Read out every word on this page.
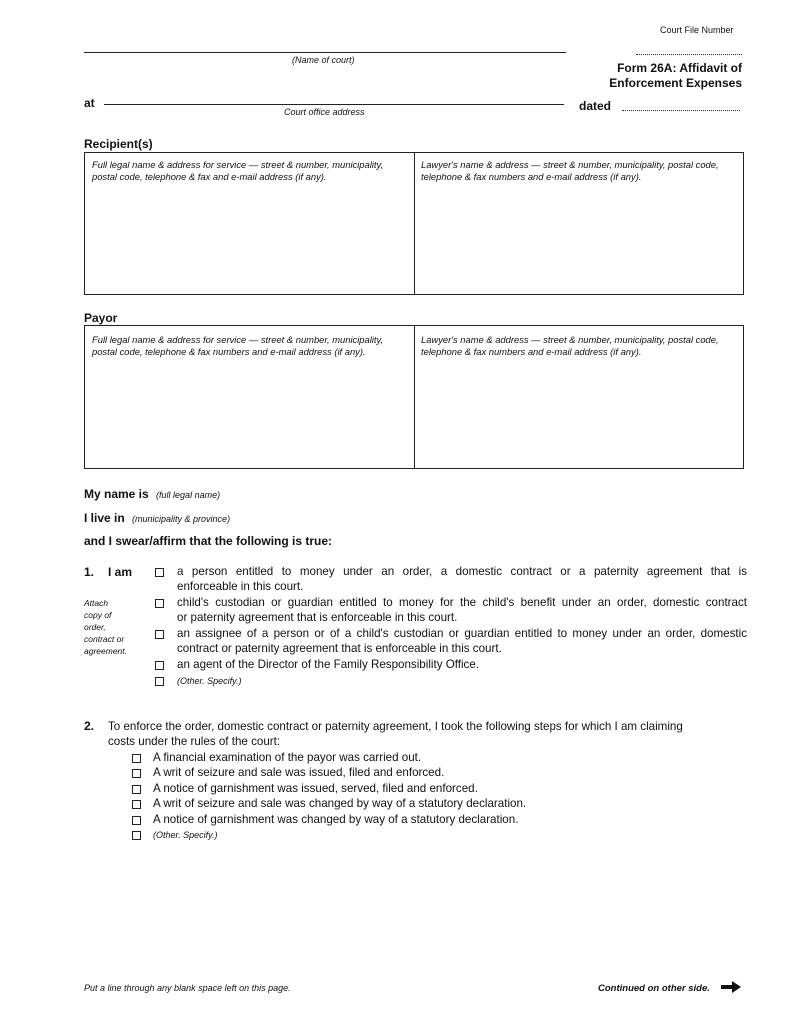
Court File Number
(Name of court)
Form 26A: Affidavit of
Enforcement Expenses
at
Court office address	dated
Recipient(s)
Full legal name & address for service — street & number, municipality, postal code, telephone & fax and e-mail address (if any).
Lawyer's name & address — street & number, municipality, postal code, telephone & fax numbers and e-mail address (if any).
Payor
Full legal name & address for service — street & number, municipality, postal code, telephone & fax numbers and e-mail address (if any).
Lawyer's name & address — street & number, municipality, postal code, telephone & fax numbers and e-mail address (if any).
My name is (full legal name)
I live in (municipality & province)
and I swear/affirm that the following is true:
1. I am
Attach
copy of
order,
contract or
agreement.
a person entitled to money under an order, a domestic contract or a paternity agreement that is
enforceable in this court.
child's custodian or guardian entitled to money for the child's benefit under an order, domestic contract
or paternity agreement that is enforceable in this court.
an assignee of a person or of a child's custodian or guardian entitled to money under an order, domestic
contract or paternity agreement that is enforceable in this court.
an agent of the Director of the Family Responsibility Office.
(Other. Specify.)
2. To enforce the order, domestic contract or paternity agreement, I took the following steps for which I am claiming
costs under the rules of the court:
A financial examination of the payor was carried out.
A writ of seizure and sale was issued, filed and enforced.
A notice of garnishment was issued, served, filed and enforced.
A writ of seizure and sale was changed by way of a statutory declaration.
A notice of garnishment was changed by way of a statutory declaration.
(Other. Specify.)
Put a line through any blank space left on this page.	Continued on other side.
